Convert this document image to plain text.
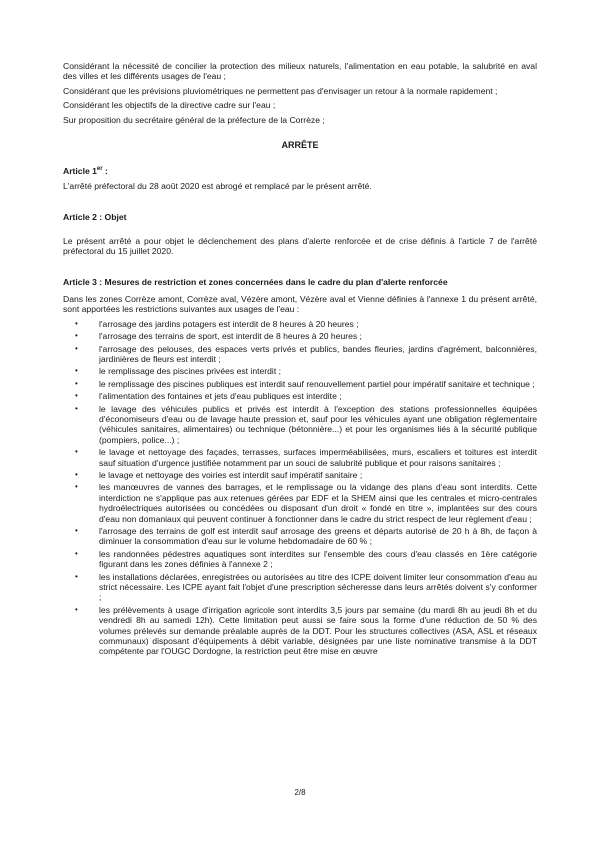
Considérant la nécessité de concilier la protection des milieux naturels, l'alimentation en eau potable, la salubrité en aval des villes et les différents usages de l'eau ;

Considérant que les prévisions pluviométriques ne permettent pas d'envisager un retour à la normale rapidement ;

Considérant les objectifs de la directive cadre sur l'eau ;

Sur proposition du secrétaire général de la préfecture de la Corrèze ;

ARRÊTE
Article 1er :

L'arrêté préfectoral du 28 août 2020 est abrogé et remplacé par le présent arrêté.

Article 2 : Objet

Le présent arrêté a pour objet le déclenchement des plans d'alerte renforcée et de crise définis à l'article 7 de l'arrêté préfectoral du 15 juillet 2020.

Article 3 : Mesures de restriction et zones concernées dans le cadre du plan d'alerte renforcée

Dans les zones Corrèze amont, Corrèze aval, Vézère amont, Vézère aval et Vienne définies à l'annexe 1 du présent arrêté, sont apportées les restrictions suivantes aux usages de l'eau :

• l'arrosage des jardins potagers est interdit de 8 heures à 20 heures ;
• l'arrosage des terrains de sport, est interdit de 8 heures à 20 heures ;
• l'arrosage des pelouses, des espaces verts privés et publics, bandes fleuries, jardins d'agrément, balconnières, jardinières de fleurs est interdit ;
• le remplissage des piscines privées est interdit ;
• le remplissage des piscines publiques est interdit sauf renouvellement partiel pour impératif sanitaire et technique ;
• l'alimentation des fontaines et jets d'eau publiques est interdite ;
• le lavage des véhicules publics et privés est interdit à l'exception des stations professionnelles équipées d'économiseurs d'eau ou de lavage haute pression et, sauf pour les véhicules ayant une obligation réglementaire (véhicules sanitaires, alimentaires) ou technique (bétonnière...) et pour les organismes liés à la sécurité publique (pompiers, police...) ;
• le lavage et nettoyage des façades, terrasses, surfaces imperméabilisées, murs, escaliers et toitures est interdit sauf situation d'urgence justifiée notamment par un souci de salubrité publique et pour raisons sanitaires ;
• le lavage et nettoyage des voiries est interdit sauf impératif sanitaire ;
• les manœuvres de vannes des barrages, et le remplissage ou la vidange des plans d'eau sont interdits. Cette interdiction ne s'applique pas aux retenues gérées par EDF et la SHEM ainsi que les centrales et micro-centrales hydroélectriques autorisées ou concédées ou disposant d'un droit « fondé en titre », implantées sur des cours d'eau non domaniaux qui peuvent continuer à fonctionner dans le cadre du strict respect de leur règlement d'eau ;
• l'arrosage des terrains de golf est interdit sauf arrosage des greens et départs autorisé de 20 h à 8h, de façon à diminuer la consommation d'eau sur le volume hebdomadaire de 60 % ;
• les randonnées pédestres aquatiques sont interdites sur l'ensemble des cours d'eau classés en 1ère catégorie figurant dans les zones définies à l'annexe 2 ;
• les installations déclarées, enregistrées ou autorisées au titre des ICPE doivent limiter leur consommation d'eau au strict nécessaire. Les ICPE ayant fait l'objet d'une prescription sécheresse dans leurs arrêtés doivent s'y conformer ;
• les prélèvements à usage d'irrigation agricole sont interdits 3,5 jours par semaine (du mardi 8h au jeudi 8h et du vendredi 8h au samedi 12h). Cette limitation peut aussi se faire sous la forme d'une réduction de 50 % des volumes prélevés sur demande préalable auprès de la DDT. Pour les structures collectives (ASA, ASL et réseaux communaux) disposant d'équipements à débit variable, désignées par une liste nominative transmise à la DDT compétente par l'OUGC Dordogne, la restriction peut être mise en œuvre
2/8
